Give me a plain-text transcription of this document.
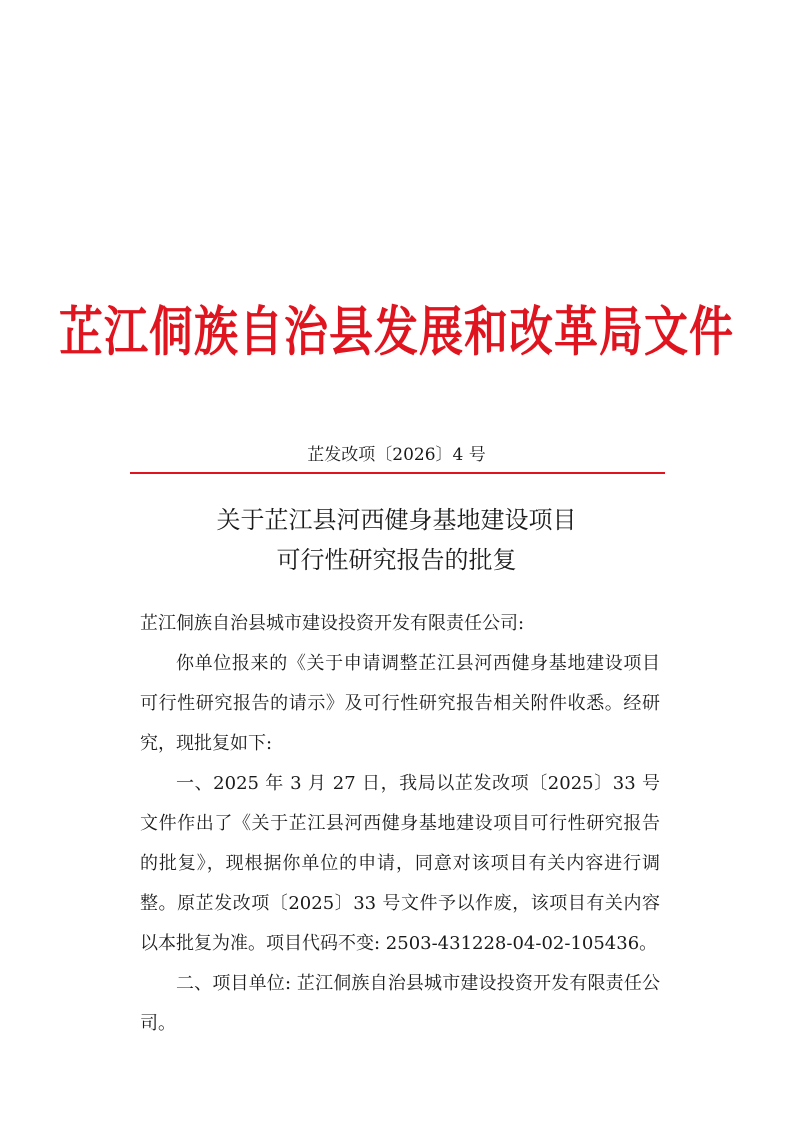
芷江侗族自治县发展和改革局文件
芷发改项〔2026〕4 号
关于芷江县河西健身基地建设项目
可行性研究报告的批复

芷江侗族自治县城市建设投资开发有限责任公司:

你单位报来的《关于申请调整芷江县河西健身基地建设项目可行性研究报告的请示》及可行性研究报告相关附件收悉。经研究，现批复如下:

一、2025 年 3 月 27 日，我局以芷发改项〔2025〕33 号文件作出了《关于芷江县河西健身基地建设项目可行性研究报告的批复》，现根据你单位的申请，同意对该项目有关内容进行调整。原芷发改项〔2025〕33 号文件予以作废，该项目有关内容以本批复为准。项目代码不变: 2503-431228-04-02-105436。

二、项目单位: 芷江侗族自治县城市建设投资开发有限责任公司。
